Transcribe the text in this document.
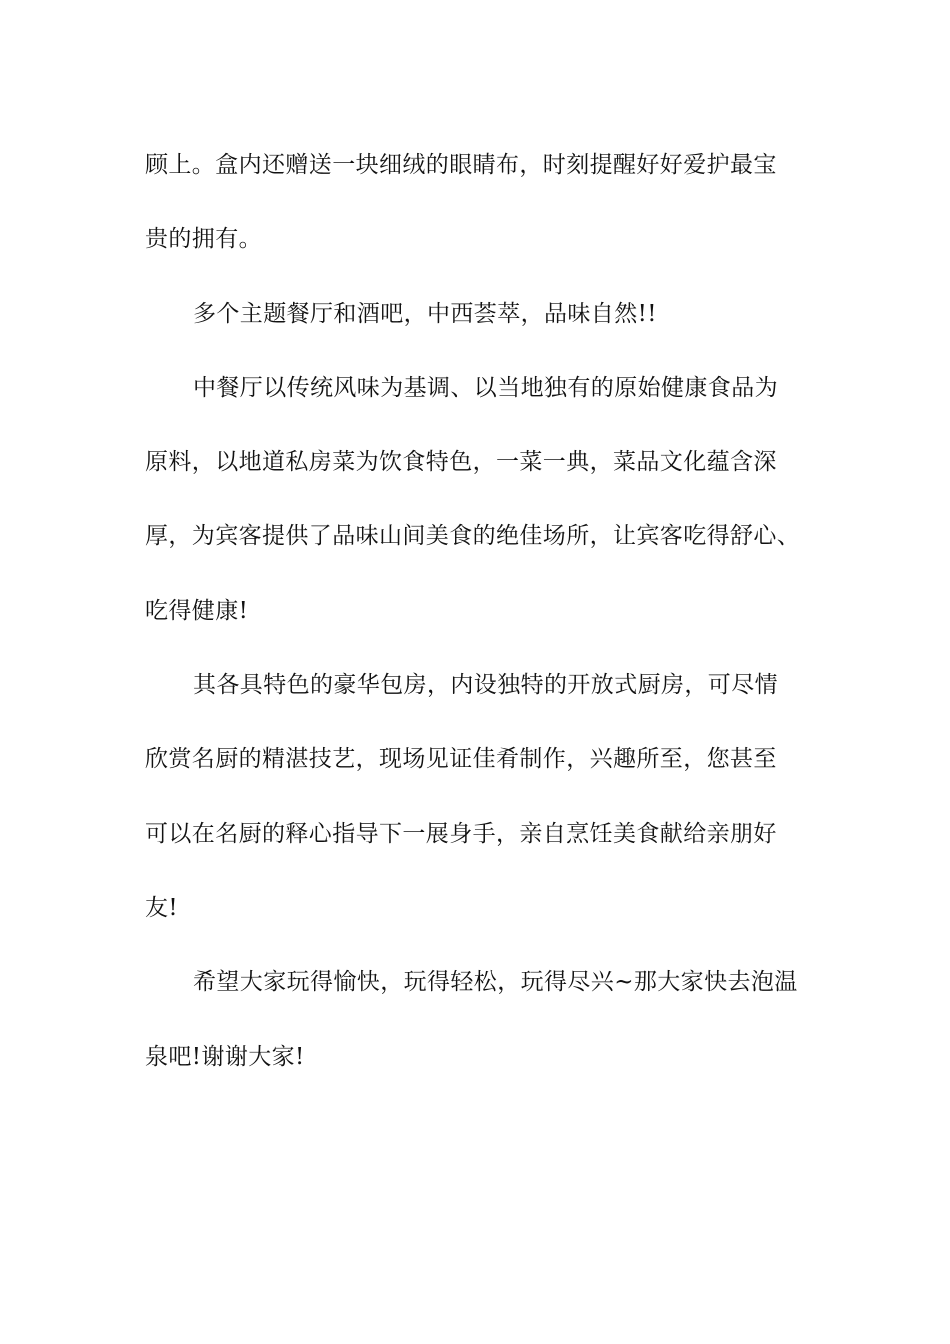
顾上。盒内还赠送一块细绒的眼睛布，时刻提醒好好爱护最宝
贵的拥有。

多个主题餐厅和酒吧，中西荟萃，品味自然!!

中餐厅以传统风味为基调、以当地独有的原始健康食品为
原料，以地道私房菜为饮食特色，一菜一典，菜品文化蕴含深
厚，为宾客提供了品味山间美食的绝佳场所，让宾客吃得舒心、
吃得健康!

其各具特色的豪华包房，内设独特的开放式厨房，可尽情
欣赏名厨的精湛技艺，现场见证佳肴制作，兴趣所至，您甚至
可以在名厨的释心指导下一展身手，亲自烹饪美食献给亲朋好
友!

希望大家玩得愉快，玩得轻松，玩得尽兴~那大家快去泡温
泉吧!谢谢大家!
